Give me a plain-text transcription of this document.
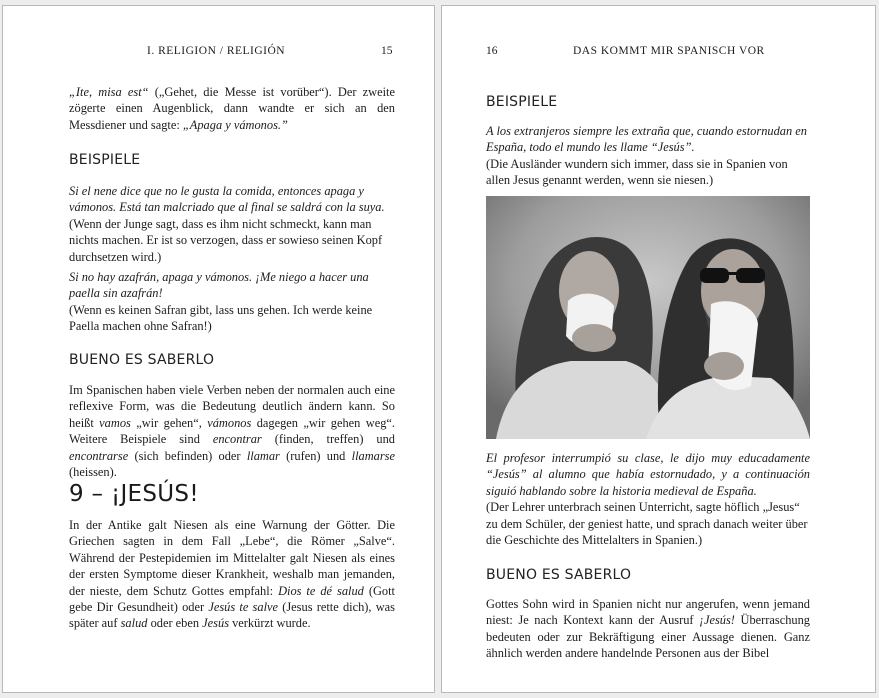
I. RELIGION / RELIGIÓN	15

„Ite, misa est“ („Gehet, die Messe ist vorüber“). Der zweite zögerte einen Augenblick, dann wandte er sich an den Messdiener und sagte: „Apaga y vámonos.”

BEISPIELE

Si el nene dice que no le gusta la comida, entonces apaga y vámonos. Está tan malcriado que al final se saldrá con la suya.

(Wenn der Junge sagt, dass es ihm nicht schmeckt, kann man nichts machen. Er ist so verzogen, dass er sowieso seinen Kopf durchsetzen wird.)

Si no hay azafrán, apaga y vámonos. ¡Me niego a hacer una paella sin azafrán!

(Wenn es keinen Safran gibt, lass uns gehen. Ich werde keine Paella machen ohne Safran!)

BUENO ES SABERLO

Im Spanischen haben viele Verben neben der normalen auch eine reflexive Form, was die Bedeutung deutlich ändern kann. So heißt vamos „wir gehen“, vámonos dagegen „wir gehen weg“. Weitere Beispiele sind encontrar (finden, treffen) und encontrarse (sich befinden) oder llamar (rufen) und llamarse (heissen).

9 – ¡JESÚS!

In der Antike galt Niesen als eine Warnung der Götter. Die Griechen sagten in dem Fall „Lebe“, die Römer „Salve“. Während der Pestepidemien im Mittelalter galt Niesen als eines der ersten Symptome dieser Krankheit, weshalb man jemanden, der nieste, dem Schutz Gottes empfahl: Dios te dé salud (Gott gebe Dir Gesundheit) oder Jesús te salve (Jesus rette dich), was später auf salud oder eben Jesús verkürzt wurde.

16	DAS KOMMT MIR SPANISCH VOR
BEISPIELE

A los extranjeros siempre les extraña que, cuando estornudan en España, todo el mundo les llame “Jesús”.

(Die Ausländer wundern sich immer, dass sie in Spanien von allen Jesus genannt werden, wenn sie niesen.)

El profesor interrumpió su clase, le dijo muy educadamente “Jesús” al alumno que había estornudado, y a continuación siguió hablando sobre la historia medieval de España.

(Der Lehrer unterbrach seinen Unterricht, sagte höflich „Jesus“ zu dem Schüler, der geniest hatte, und sprach danach weiter über die Geschichte des Mittelalters in Spanien.)

BUENO ES SABERLO

Gottes Sohn wird in Spanien nicht nur angerufen, wenn jemand niest: Je nach Kontext kann der Ausruf ¡Jesús! Überraschung bedeuten oder zur Bekräftigung einer Aussage dienen. Ganz ähnlich werden andere handelnde Personen aus der Bibel
